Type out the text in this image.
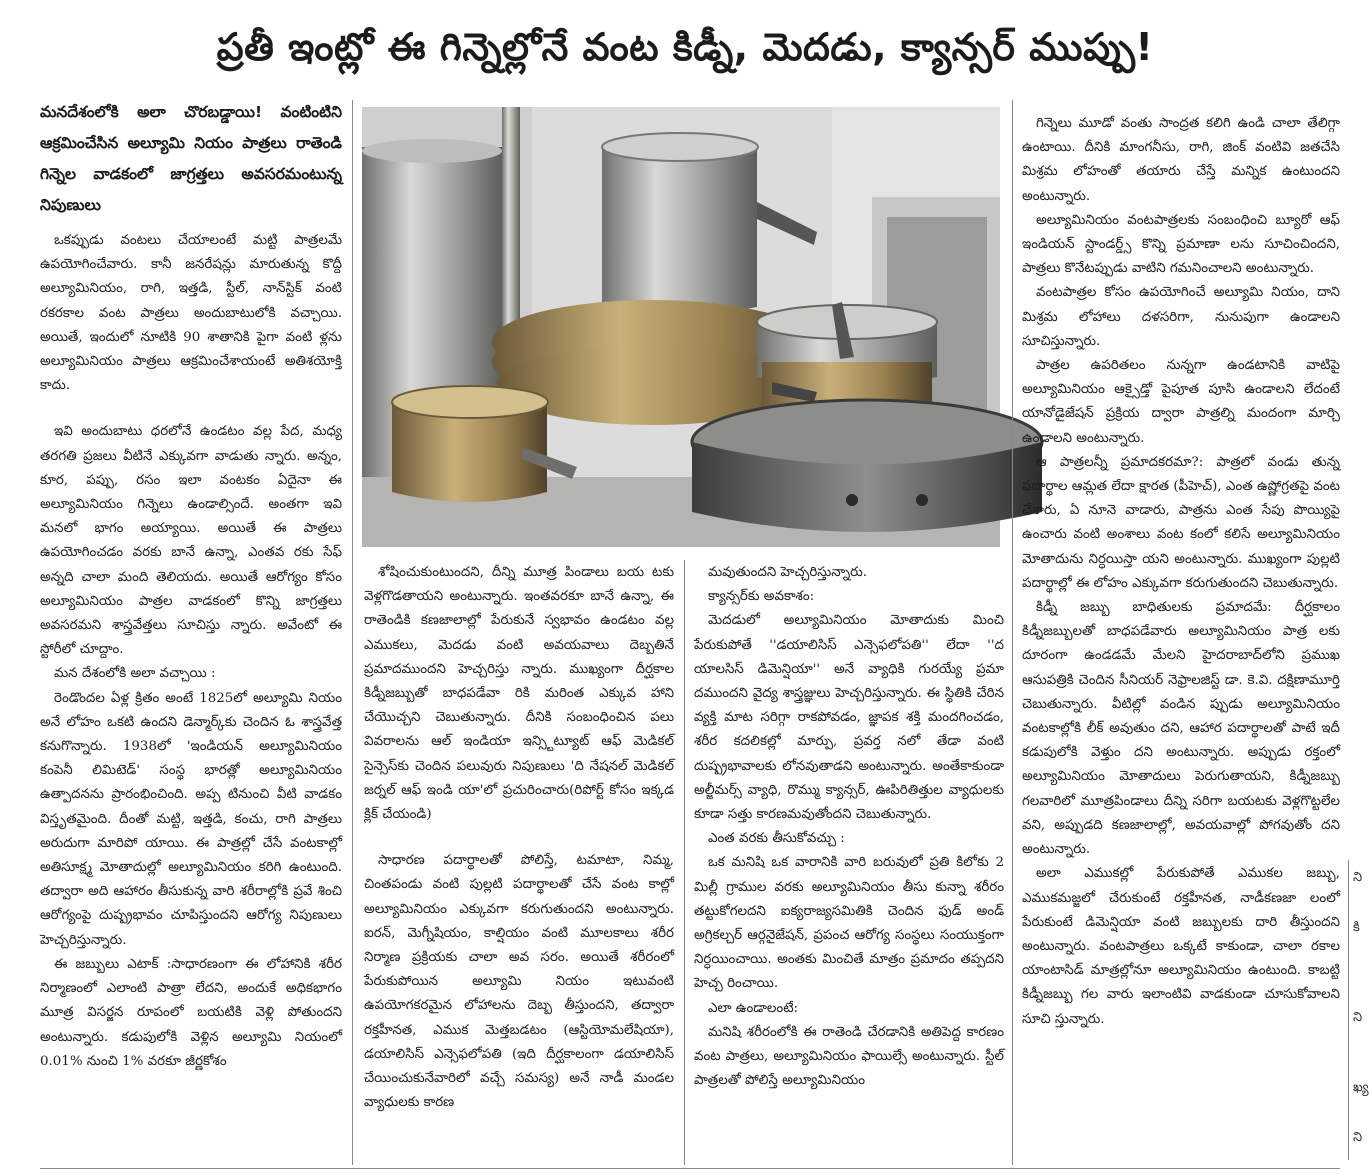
ప్రతీ ఇంట్లో ఈ గిన్నెల్లోనే వంట కిడ్నీ, మెదడు, క్యాన్సర్ ముప్పు!

మనదేశంలోకి అలా చొరబడ్డాయి! వంటింటిని ఆక్రమించేసిన అల్యూమి నియం పాత్రలు రాతెండి గిన్నెల వాడకంలో జాగ్రత్తలు అవసరమంటున్న నిపుణులు

ఒకప్పుడు వంటలు చేయాలంటే మట్టి పాత్రలమే ఉపయోగించేవారు. కానీ జనరేషన్లు మారుతున్న కొద్దీ అల్యూమినియం, రాగి, ఇత్తడి, స్టీల్, నాన్‌స్టిక్ వంటి రకరకాల వంట పాత్రలు అందుబాటులోకి వచ్చాయి. అయితే, ఇందులో నూటికి 90 శాతానికి పైగా వంటి ళ్లను అల్యూమినియం పాత్రలు ఆక్రమించేశాయంటే అతిశయోక్తి కాదు.

ఇవి అందుబాటు ధరలోనే ఉండటం వల్ల పేద, మధ్య తరగతి ప్రజలు వీటినే ఎక్కువగా వాడుతు న్నారు. అన్నం, కూర, పప్పు, రసం ఇలా వంటకం ఏదైనా ఈ అల్యూమినియం గిన్నెలు ఉండాల్సిందే. అంతగా ఇవి మనలో భాగం అయ్యాయి. అయితే ఈ పాత్రలు ఉపయోగించడం వరకు బానే ఉన్నా, ఎంతవ రకు సేఫ్ అన్నది చాలా మంది తెలియదు. అయితే ఆరోగ్యం కోసం అల్యూమినియం పాత్రల వాడకంలో కొన్ని జాగ్రత్తలు అవసరమని శాస్త్రవేత్తలు సూచిస్తు న్నారు. అవేంటో ఈ స్టోరీలో చూద్దాం.

మన దేశంలోకి అలా వచ్చాయి :

రెండొందల ఏళ్ల క్రితం అంటే 1825లో అల్యూమి నియం అనే లోహం ఒకటి ఉందని డెన్మార్క్‌కు చెందిన ఓ శాస్త్రవేత్త కనుగొన్నారు. 1938లో 'ఇండియన్ అల్యూమినియం కంపెనీ లిమిటెడ్' సంస్థ భారత్లో అల్యూమినియం ఉత్పాదనను ప్రారంభించింది. అప్ప టినుంచి వీటి వాడకం విస్తృతమైంది. దీంతో మట్టి, ఇత్తడి, కంచు, రాగి పాత్రలు అరుదుగా మారిపో యాయి. ఈ పాత్రల్లో చేసే వంటకాల్లో అతిసూక్ష్మ మోతాదుల్లో అల్యూమినియం కరిగి ఉంటుంది. తద్వారా అది ఆహారం తీసుకున్న వారి శరీరాల్లోకి ప్రవే శించి ఆరోగ్యంపై దుష్ప్రభావం చూపిస్తుందని ఆరోగ్య నిపుణులు హెచ్చరిస్తున్నారు.

ఈ జబ్బులు ఎటాక్ :సాధారణంగా ఈ లోహానికి శరీర నిర్మాణంలో ఎలాంటి పాత్రా లేదని, అందుకే అధికభాగం మూత్ర విసర్జన రూపంలో బయటికి వెళ్లి పోతుందని అంటున్నారు. కడుపులోకి వెళ్లిన అల్యూమి నియంలో 0.01% నుంచి 1% వరకూ జీర్ణకోశం

శోషించుకుంటుందని, దీన్ని మూత్ర పిండాలు బయ టకు వెళ్లగొడతాయని అంటున్నారు. ఇంతవరకూ బానే ఉన్నా, ఈ రాతెండికి కణజాలాల్లో పేరుకునే స్వభావం ఉండటం వల్ల ఎముకలు, మెదడు వంటి అవయవాలు దెబ్బతినే ప్రమాదముందని హెచ్చరిస్తు న్నారు. ముఖ్యంగా దీర్ఘకాల కిడ్నీజబ్బుతో బాధపడేవా రికి మరింత ఎక్కువ హాని చేయొచ్చని చెబుతున్నారు. దీనికి సంబంధించిన పలు వివరాలను ఆల్ ఇండియా ఇన్స్టిట్యూట్ ఆఫ్ మెడికల్ సైన్సెస్‌కు చెందిన పలువురు నిపుణులు 'ది నేషనల్ మెడికల్ జర్నల్ ఆఫ్ ఇండి యా'లో ప్రచురించారు(రిపోర్ట్ కోసం ఇక్కడ క్లిక్ చేయండి)

సాధారణ పదార్థాలతో పోలిస్తే, టమాటా, నిమ్మ, చింతపండు వంటి పుల్లటి పదార్థాలతో చేసే వంట కాల్లో అల్యూమినియం ఎక్కువగా కరుగుతుందని అంటున్నారు. ఐరన్, మెగ్నీషియం, కాల్షియం వంటి మూలకాలు శరీర నిర్మాణ ప్రక్రియకు చాలా అవ సరం. అయితే శరీరంలో పేరుకుపోయిన అల్యూమి నియం ఇటువంటి ఉపయోగకరమైన లోహాలను దెబ్బ తీస్తుందని, తద్వారా రక్తహీనత, ఎముక మెత్తబడటం (ఆస్టియోమలేషియా), డయాలిసిస్ ఎన్సెఫలోపతి (ఇది దీర్ఘకాలంగా డయాలిసిస్ చేయించుకునేవారిలో వచ్చే సమస్య) అనే నాడీ మండల వ్యాధులకు కారణ

మవుతుందని హెచ్చరిస్తున్నారు.

క్యాన్సర్‌కు అవకాశం:

మెదడులో అల్యూమినియం మోతాదుకు మించి పేరుకుపోతే ''డయాలిసిస్ ఎన్సెఫలోపతి'' లేదా ''ద యాలసిస్ డిమెన్షియా'' అనే వ్యాధికి గురయ్యే ప్రమా దముందని వైద్య శాస్త్రజ్ఞులు హెచ్చరిస్తున్నారు. ఈ స్థితికి చేరిన వ్యక్తి మాట సరిగ్గా రాకపోవడం, జ్ఞాపక శక్తి మందగించడం, శరీర కదలికల్లో మార్పు, ప్రవర్త నలో తేడా వంటి దుష్ప్రభావాలకు లోనవుతాడని అంటున్నారు. అంతేకాకుండా అల్జీమర్స్ వ్యాధి, రొమ్ము క్యాన్సర్, ఊపిరితిత్తుల వ్యాధులకు కూడా సత్తు కారణమవుతోందని చెబుతున్నారు.

ఎంత వరకు తీసుకోవచ్చు :

ఒక మనిషి ఒక వారానికి వారి బరువులో ప్రతి కిలోకు 2 మిల్లీ గ్రాముల వరకు అల్యూమినియం తీసు కున్నా శరీరం తట్టుకోగలదని ఐక్యరాజ్యసమితికి చెందిన ఫుడ్ అండ్ అగ్రికల్చర్ ఆర్గనైజేషన్, ప్రపంచ ఆరోగ్య సంస్థలు సంయుక్తంగా నిర్ధయించాయి. అంతకు మించితే మాత్రం ప్రమాదం తప్పదని హెచ్చ రించాయి.

ఎలా ఉండాలంటే:

మనిషి శరీరంలోకి ఈ రాతెండి చేరడానికి అతిపెద్ద కారణం వంట పాత్రలు, అల్యూమినియం ఫాయిల్సే అంటున్నారు. స్టీల్ పాత్రలతో పోలిస్తే అల్యూమినియం

గిన్నెలు మూడో వంతు సాంద్రత కలిగి ఉండి చాలా తేలిగ్గా ఉంటాయి. దీనికి మాంగనీసు, రాగి, జింక్ వంటివి జతచేసి మిశ్రమ లోహంతో తయారు చేస్తే మన్నిక ఉంటుందని అంటున్నారు.

అల్యూమినియం వంటపాత్రలకు సంబంధించి బ్యూరో ఆఫ్ ఇండియన్ స్టాండర్డ్స్ కొన్ని ప్రమాణా లను సూచించిందని, పాత్రలు కొనేటప్పుడు వాటిని గమనించాలని అంటున్నారు.

వంటపాత్రల కోసం ఉపయోగించే అల్యూమి నియం, దాని మిశ్రమ లోహాలు దళసరిగా, నునుపుగా ఉండాలని సూచిస్తున్నారు.

పాత్రల ఉపరితలం నున్నగా ఉండటానికి వాటిపై అల్యూమినియం ఆక్సైడ్తో పైపూత పూసి ఉండాలని లేదంటే యానోడైజేషన్ ప్రక్రియ ద్వారా పాత్రల్ని మందంగా మార్చి ఉండాలని అంటున్నారు.

ఆ పాత్రలన్నీ ప్రమాదకరమా?: పాత్రలో వండు తున్న పదార్థాల ఆమ్లత లేదా క్షారత (పీహెచ్), ఎంత ఉష్ణోగ్రతపై వంట చేశారు, ఏ నూనె వాడారు, పాత్రను ఎంత సేపు పొయ్యిపై ఉంచారు వంటి అంశాలు వంట కంలో కలిసే అల్యూమినియం మోతాదును నిర్ధయిస్తా యని అంటున్నారు. ముఖ్యంగా పుల్లటి పదార్థాల్లో ఈ లోహం ఎక్కువగా కరుగుతుందని చెబుతున్నారు.

కిడ్నీ జబ్బు బాధితులకు ప్రమాదమే: దీర్ఘకాలం కిడ్నీజబ్బులతో బాధపడేవారు అల్యూమినియం పాత్ర లకు దూరంగా ఉండడమే మేలని హైదరాబాద్‌లోని ప్రముఖ ఆసుపత్రికి చెందిన సీనియర్ నెఫ్రాలజిస్ట్ డా. కె.వి. దక్షిణామూర్తి చెబుతున్నారు. వీటిల్లో వండిన ప్పుడు అల్యూమినియం వంటకాల్లోకి లీక్ అవుతుం దని, ఆహార పదార్థాలతో పాటే ఇదీ కడుపులోకి వెళ్తుం దని అంటున్నారు. అప్పుడు రక్తంలో అల్యూమినియం మోతాదులు పెరుగుతాయని, కిడ్నీజబ్బు గలవారిలో మూత్రపిండాలు దీన్ని సరిగా బయటకు వెళ్లగొట్టలేల వని, అప్పుడది కణజాలాల్లో, అవయవాల్లో పోగవుతోం దని అంటున్నారు.

అలా ఎముకల్లో పేరుకుపోతే ఎముకల జబ్బు, ఎముకమజ్జలో చేరుకుంటే రక్తహీనత, నాడీకణజా లంలో పేరుకుంటే డిమెన్షియా వంటి జబ్బులకు దారి తీస్తుందని అంటున్నారు. వంటపాత్రలు ఒక్కటే కాకుండా, చాలా రకాల యాంటాసిడ్ మాత్రల్లోనూ అల్యూమినియం ఉంటుంది. కాబట్టి కిడ్నీజబ్బు గల వారు ఇలాంటివి వాడకుండా చూసుకోవాలని సూచి స్తున్నారు.

ని
కి
ని
ఖ్య
ని
